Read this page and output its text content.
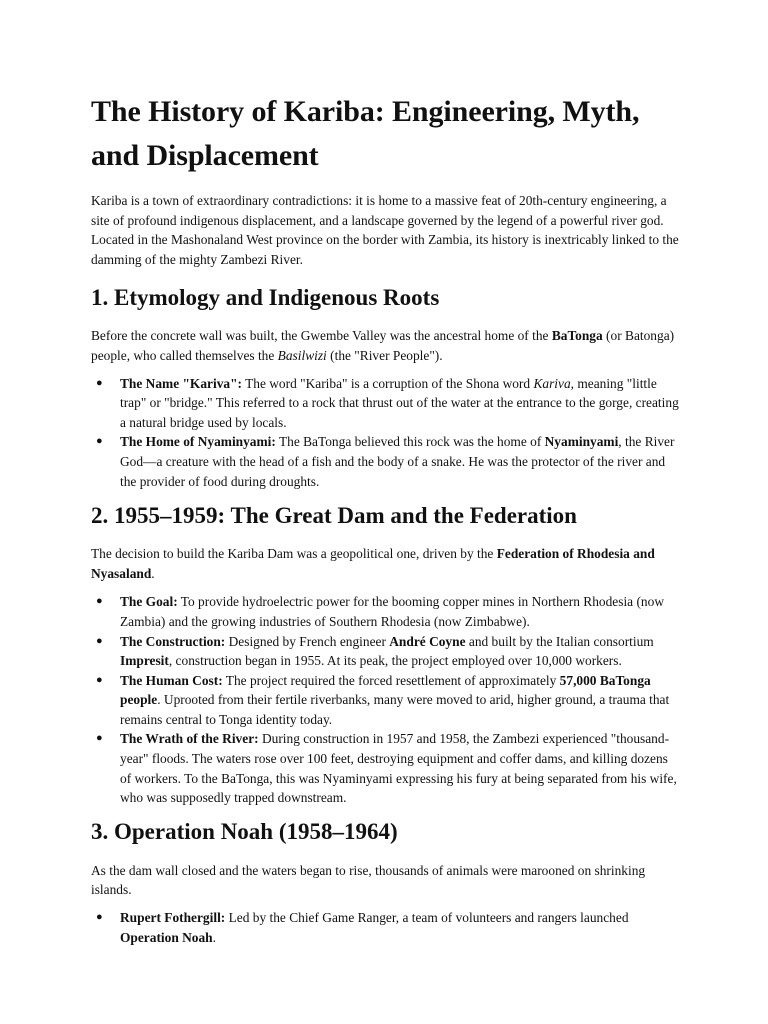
The History of Kariba: Engineering, Myth, and Displacement

Kariba is a town of extraordinary contradictions: it is home to a massive feat of 20th-century engineering, a site of profound indigenous displacement, and a landscape governed by the legend of a powerful river god. Located in the Mashonaland West province on the border with Zambia, its history is inextricably linked to the damming of the mighty Zambezi River.

1. Etymology and Indigenous Roots

Before the concrete wall was built, the Gwembe Valley was the ancestral home of the BaTonga (or Batonga) people, who called themselves the Basilwizi (the "River People").

● The Name "Kariva": The word "Kariba" is a corruption of the Shona word Kariva, meaning "little trap" or "bridge." This referred to a rock that thrust out of the water at the entrance to the gorge, creating a natural bridge used by locals.
● The Home of Nyaminyami: The BaTonga believed this rock was the home of Nyaminyami, the River God—a creature with the head of a fish and the body of a snake. He was the protector of the river and the provider of food during droughts.
2. 1955–1959: The Great Dam and the Federation

The decision to build the Kariba Dam was a geopolitical one, driven by the Federation of Rhodesia and Nyasaland.

● The Goal: To provide hydroelectric power for the booming copper mines in Northern Rhodesia (now Zambia) and the growing industries of Southern Rhodesia (now Zimbabwe).
● The Construction: Designed by French engineer André Coyne and built by the Italian consortium Impresit, construction began in 1955. At its peak, the project employed over 10,000 workers.
● The Human Cost: The project required the forced resettlement of approximately 57,000 BaTonga people. Uprooted from their fertile riverbanks, many were moved to arid, higher ground, a trauma that remains central to Tonga identity today.
● The Wrath of the River: During construction in 1957 and 1958, the Zambezi experienced "thousand-year" floods. The waters rose over 100 feet, destroying equipment and coffer dams, and killing dozens of workers. To the BaTonga, this was Nyaminyami expressing his fury at being separated from his wife, who was supposedly trapped downstream.
3. Operation Noah (1958–1964)

As the dam wall closed and the waters began to rise, thousands of animals were marooned on shrinking islands.

● Rupert Fothergill: Led by the Chief Game Ranger, a team of volunteers and rangers launched Operation Noah.
